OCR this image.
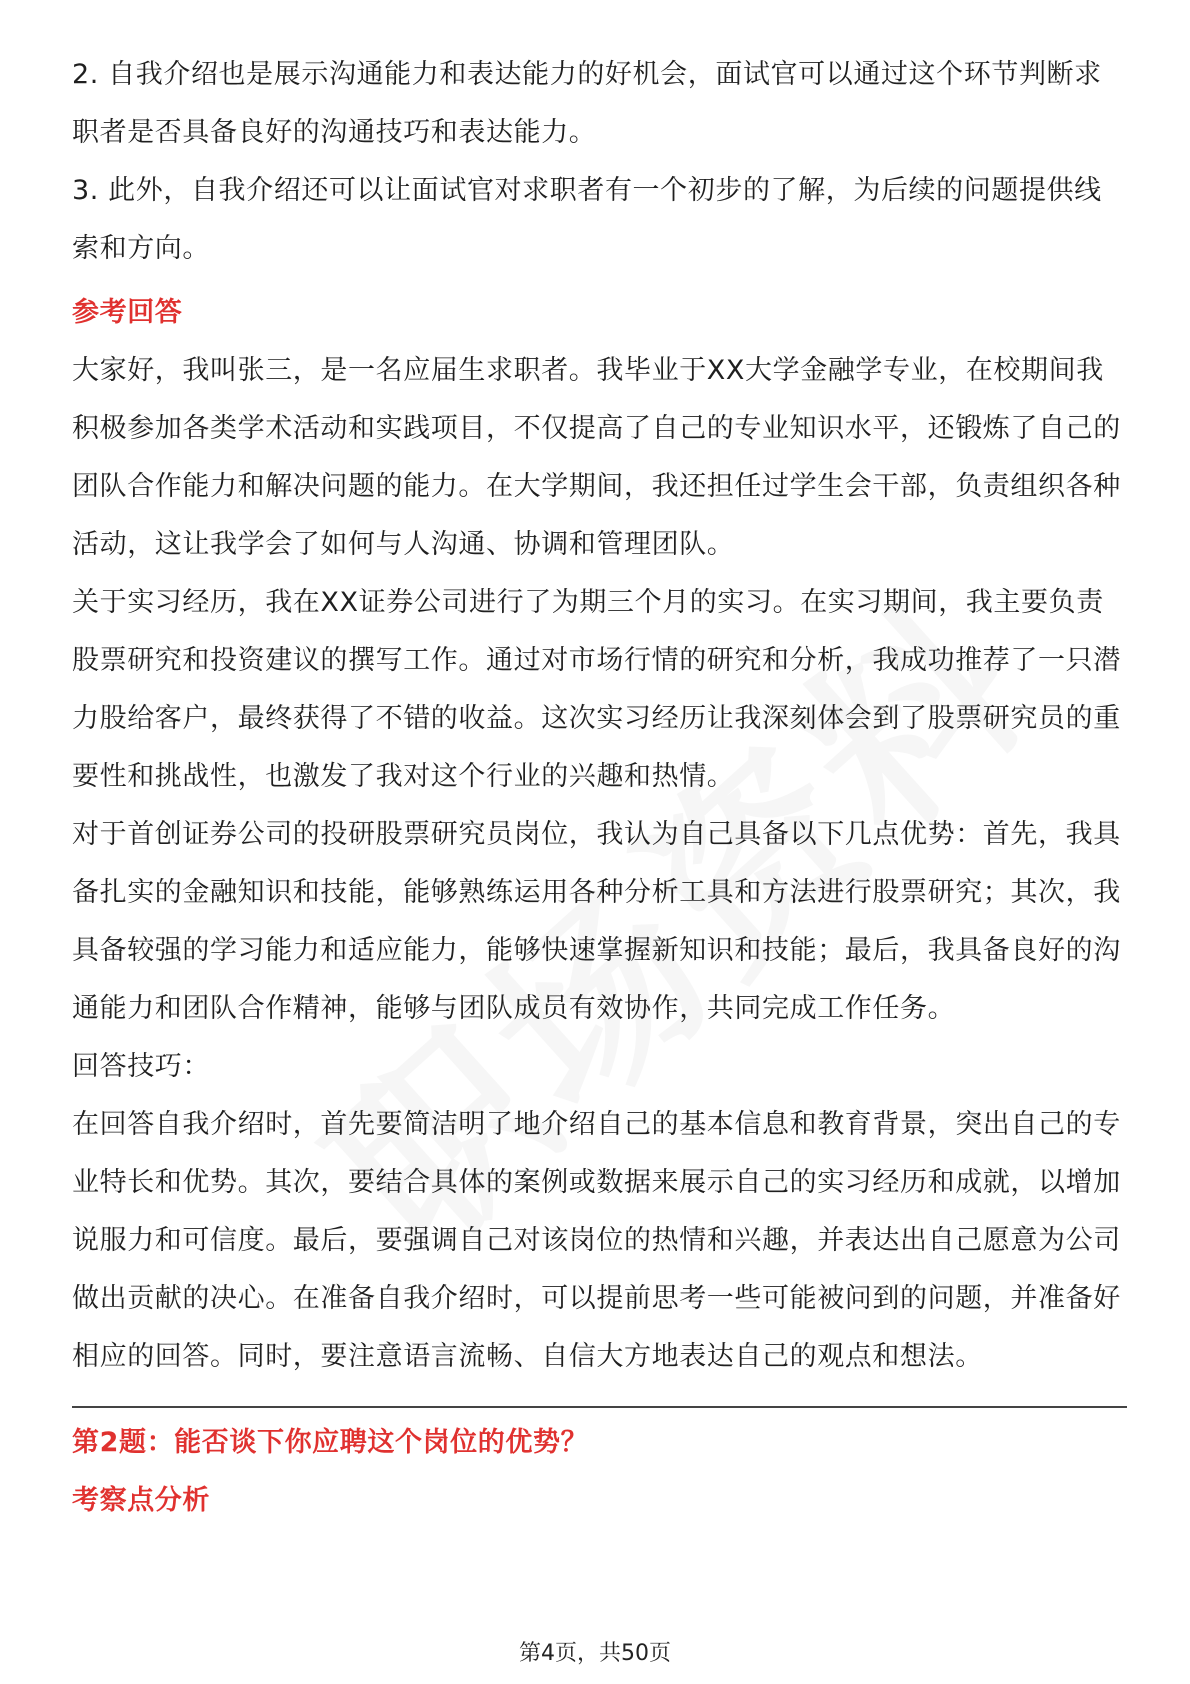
2. 自我介绍也是展示沟通能力和表达能力的好机会，面试官可以通过这个环节判断求职者是否具备良好的沟通技巧和表达能力。

3. 此外，自我介绍还可以让面试官对求职者有一个初步的了解，为后续的问题提供线索和方向。

参考回答

大家好，我叫张三，是一名应届生求职者。我毕业于XX大学金融学专业，在校期间我积极参加各类学术活动和实践项目，不仅提高了自己的专业知识水平，还锻炼了自己的团队合作能力和解决问题的能力。在大学期间，我还担任过学生会干部，负责组织各种活动，这让我学会了如何与人沟通、协调和管理团队。

关于实习经历，我在XX证券公司进行了为期三个月的实习。在实习期间，我主要负责股票研究和投资建议的撰写工作。通过对市场行情的研究和分析，我成功推荐了一只潜力股给客户，最终获得了不错的收益。这次实习经历让我深刻体会到了股票研究员的重要性和挑战性，也激发了我对这个行业的兴趣和热情。

对于首创证券公司的投研股票研究员岗位，我认为自己具备以下几点优势：首先，我具备扎实的金融知识和技能，能够熟练运用各种分析工具和方法进行股票研究；其次，我具备较强的学习能力和适应能力，能够快速掌握新知识和技能；最后，我具备良好的沟通能力和团队合作精神，能够与团队成员有效协作，共同完成工作任务。

回答技巧：

在回答自我介绍时，首先要简洁明了地介绍自己的基本信息和教育背景，突出自己的专业特长和优势。其次，要结合具体的案例或数据来展示自己的实习经历和成就，以增加说服力和可信度。最后，要强调自己对该岗位的热情和兴趣，并表达出自己愿意为公司做出贡献的决心。在准备自我介绍时，可以提前思考一些可能被问到的问题，并准备好相应的回答。同时，要注意语言流畅、自信大方地表达自己的观点和想法。

第2题：能否谈下你应聘这个岗位的优势？

考察点分析

第4页，共50页
